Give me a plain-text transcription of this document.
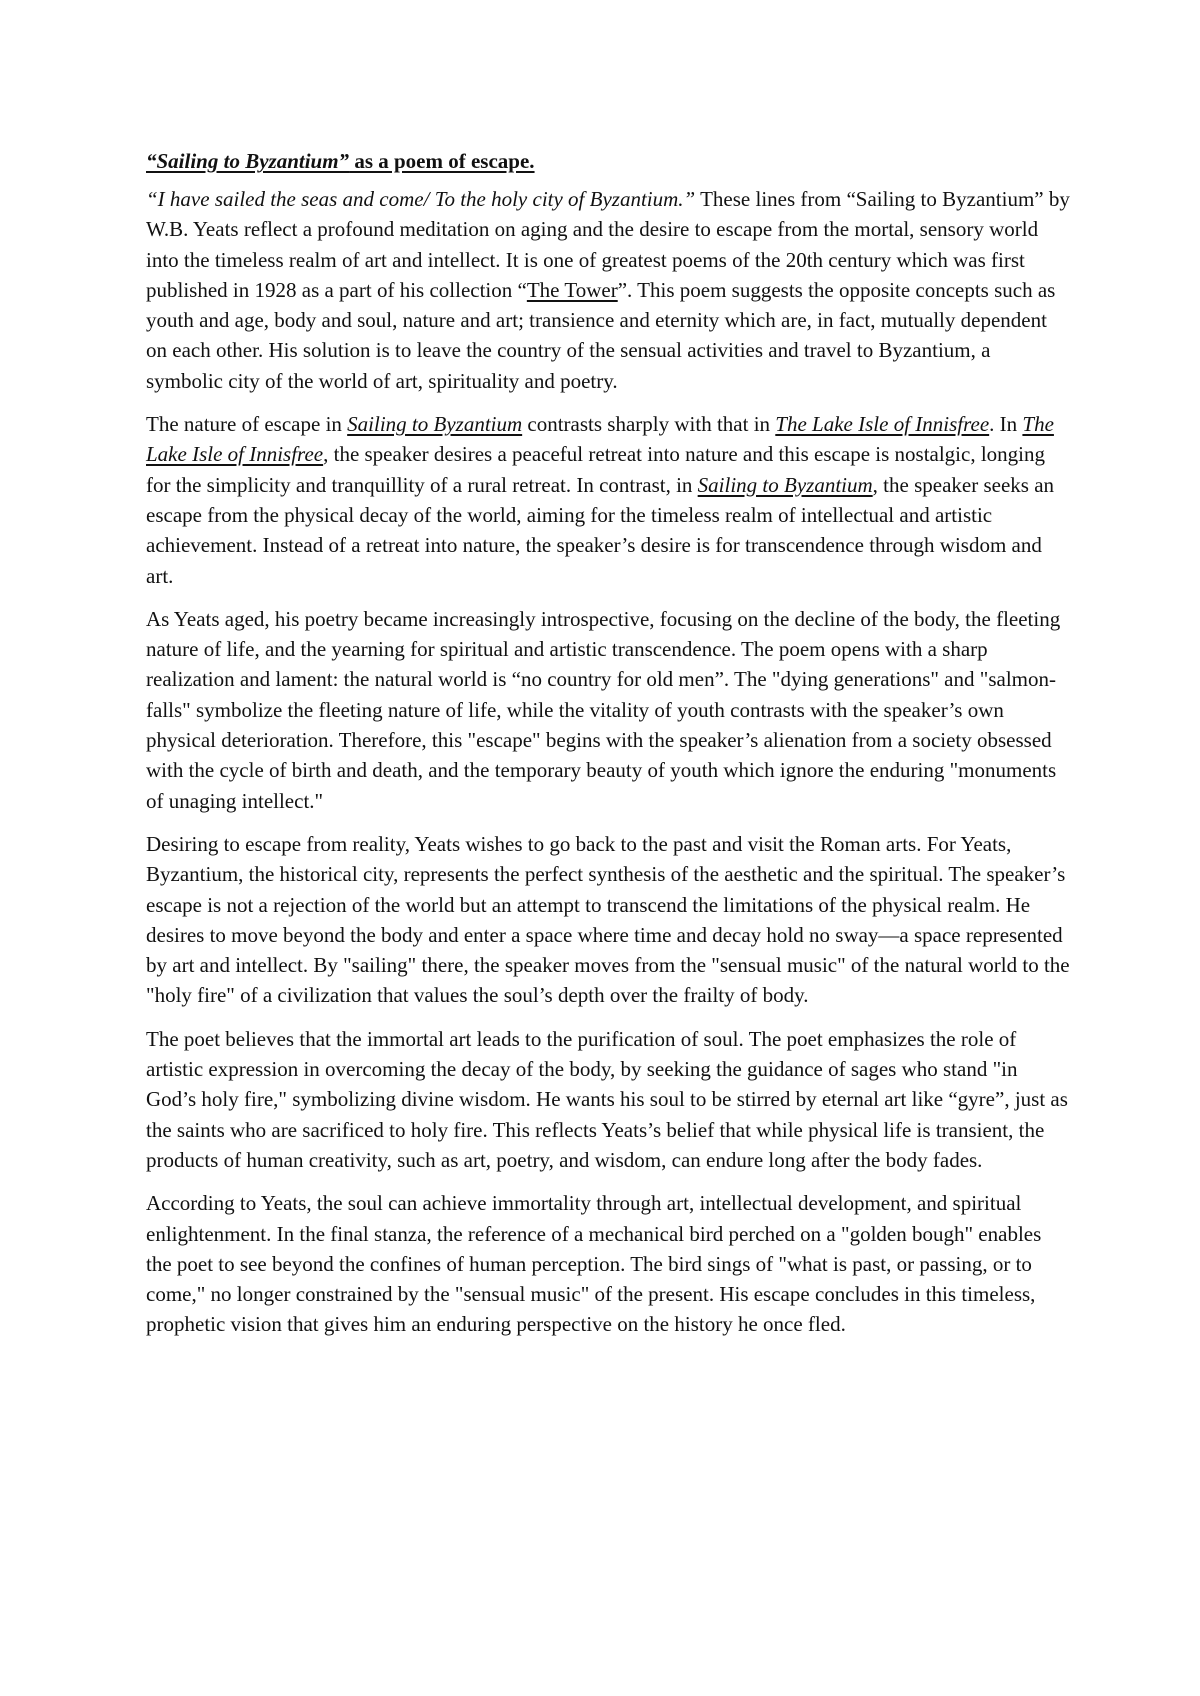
“Sailing to Byzantium” as a poem of escape.

“I have sailed the seas and come/ To the holy city of Byzantium.” These lines from “Sailing to Byzantium” by W.B. Yeats reflect a profound meditation on aging and the desire to escape from the mortal, sensory world into the timeless realm of art and intellect. It is one of greatest poems of the 20th century which was first published in 1928 as a part of his collection “The Tower”. This poem suggests the opposite concepts such as youth and age, body and soul, nature and art; transience and eternity which are, in fact, mutually dependent on each other. His solution is to leave the country of the sensual activities and travel to Byzantium, a symbolic city of the world of art, spirituality and poetry.

The nature of escape in Sailing to Byzantium contrasts sharply with that in The Lake Isle of Innisfree. In The Lake Isle of Innisfree, the speaker desires a peaceful retreat into nature and this escape is nostalgic, longing for the simplicity and tranquillity of a rural retreat. In contrast, in Sailing to Byzantium, the speaker seeks an escape from the physical decay of the world, aiming for the timeless realm of intellectual and artistic achievement. Instead of a retreat into nature, the speaker’s desire is for transcendence through wisdom and art.

As Yeats aged, his poetry became increasingly introspective, focusing on the decline of the body, the fleeting nature of life, and the yearning for spiritual and artistic transcendence. The poem opens with a sharp realization and lament: the natural world is “no country for old men”. The "dying generations" and "salmon-falls" symbolize the fleeting nature of life, while the vitality of youth contrasts with the speaker’s own physical deterioration. Therefore, this "escape" begins with the speaker’s alienation from a society obsessed with the cycle of birth and death, and the temporary beauty of youth which ignore the enduring "monuments of unaging intellect."

Desiring to escape from reality, Yeats wishes to go back to the past and visit the Roman arts. For Yeats, Byzantium, the historical city, represents the perfect synthesis of the aesthetic and the spiritual. The speaker’s escape is not a rejection of the world but an attempt to transcend the limitations of the physical realm. He desires to move beyond the body and enter a space where time and decay hold no sway—a space represented by art and intellect. By "sailing" there, the speaker moves from the "sensual music" of the natural world to the "holy fire" of a civilization that values the soul’s depth over the frailty of body.

The poet believes that the immortal art leads to the purification of soul. The poet emphasizes the role of artistic expression in overcoming the decay of the body, by seeking the guidance of sages who stand "in God’s holy fire," symbolizing divine wisdom. He wants his soul to be stirred by eternal art like “gyre”, just as the saints who are sacrificed to holy fire. This reflects Yeats’s belief that while physical life is transient, the products of human creativity, such as art, poetry, and wisdom, can endure long after the body fades.

According to Yeats, the soul can achieve immortality through art, intellectual development, and spiritual enlightenment. In the final stanza, the reference of a mechanical bird perched on a "golden bough" enables the poet to see beyond the confines of human perception. The bird sings of "what is past, or passing, or to come," no longer constrained by the "sensual music" of the present. His escape concludes in this timeless, prophetic vision that gives him an enduring perspective on the history he once fled.
